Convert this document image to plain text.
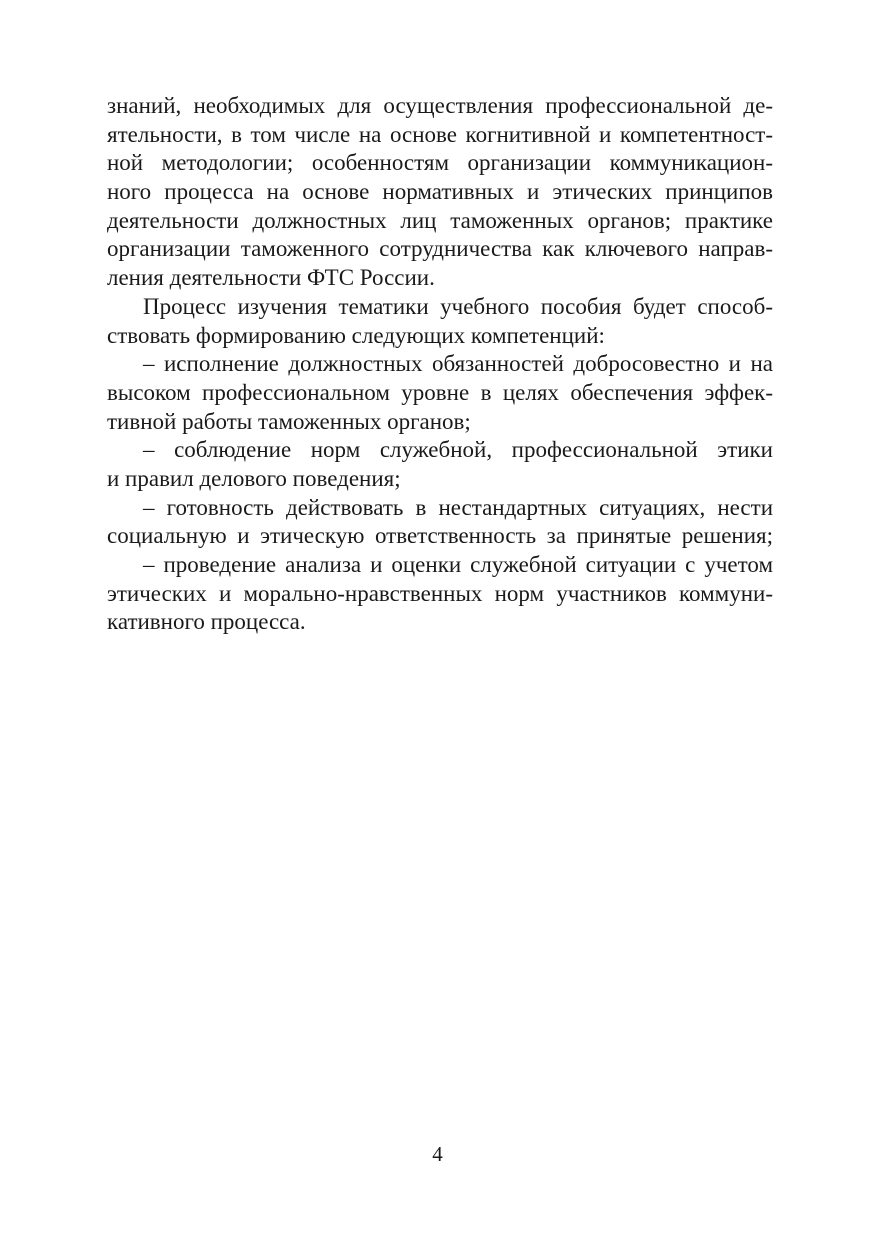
знаний, необходимых для осуществления профессиональной де-
ятельности, в том числе на основе когнитивной и компетентност-
ной методологии; особенностям организации коммуникацион-
ного процесса на основе нормативных и этических принципов
деятельности должностных лиц таможенных органов; практике
организации таможенного сотрудничества как ключевого направ-
ления деятельности ФТС России.
Процесс изучения тематики учебного пособия будет способ-
ствовать формированию следующих компетенций:
– исполнение должностных обязанностей добросовестно и на
высоком профессиональном уровне в целях обеспечения эффек-
тивной работы таможенных органов;
– соблюдение норм служебной, профессиональной этики
и правил делового поведения;
– готовность действовать в нестандартных ситуациях, нести
социальную и этическую ответственность за принятые решения;
– проведение анализа и оценки служебной ситуации с учетом
этических и морально-нравственных норм участников коммуни-
кативного процесса.
4
